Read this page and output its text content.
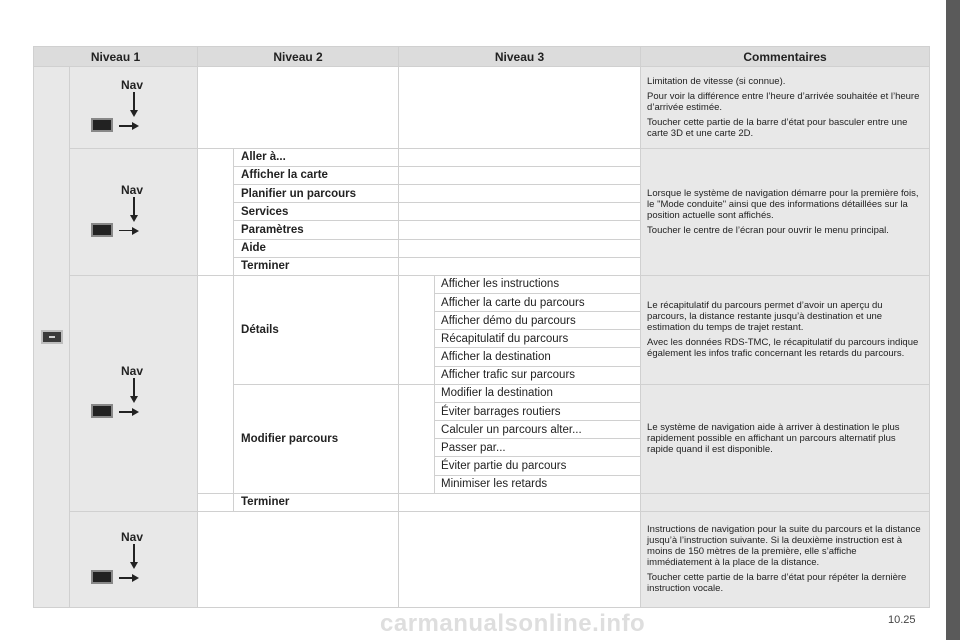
Niveau 1		Niveau 2		Niveau 3		Commentaires

	Nav					Limitation de vitesse (si connue).

Pour voir la différence entre l’heure d’arrivée souhaitée et l’heure d’arrivée estimée.

Toucher cette partie de la barre d’état pour basculer entre une carte 3D et une carte 2D.

	Nav		Aller à...			Lorsque le système de navigation démarre pour la première fois, le "Mode conduite" ainsi que des informations détaillées sur la position actuelle sont affichés.

Toucher le centre de l’écran pour ouvrir le menu principal.

			Afficher la carte			
			Planifier un parcours			
			Services			
			Paramètres			
			Aide			
			Terminer			

	Nav		Détails		Afficher les instructions	Le récapitulatif du parcours permet d’avoir un aperçu du parcours, la distance restante jusqu’à destination et une estimation du temps de trajet restant.

Avec les données RDS-TMC, le récapitulatif du parcours indique également les infos trafic concernant les retards du parcours.

					Afficher la carte du parcours	
					Afficher démo du parcours	
					Récapitulatif du parcours	
					Afficher la destination	
					Afficher trafic sur parcours	
			Modifier parcours		Modifier la destination	Le système de navigation aide à arriver à destination le plus rapidement possible en affichant un parcours alternatif plus rapide quand il est disponible.

					Éviter barrages routiers	
					Calculer un parcours alter...	
					Passer par...	
					Éviter partie du parcours	
					Minimiser les retards	
			Terminer			

	Nav					Instructions de navigation pour la suite du parcours et la distance jusqu’à l’instruction suivante. Si la deuxième instruction est à moins de 150 mètres de la première, elle s’affiche immédiatement à la place de la distance.

Toucher cette partie de la barre d’état pour répéter la dernière instruction vocale.

carmanualsonline.info	10.25
